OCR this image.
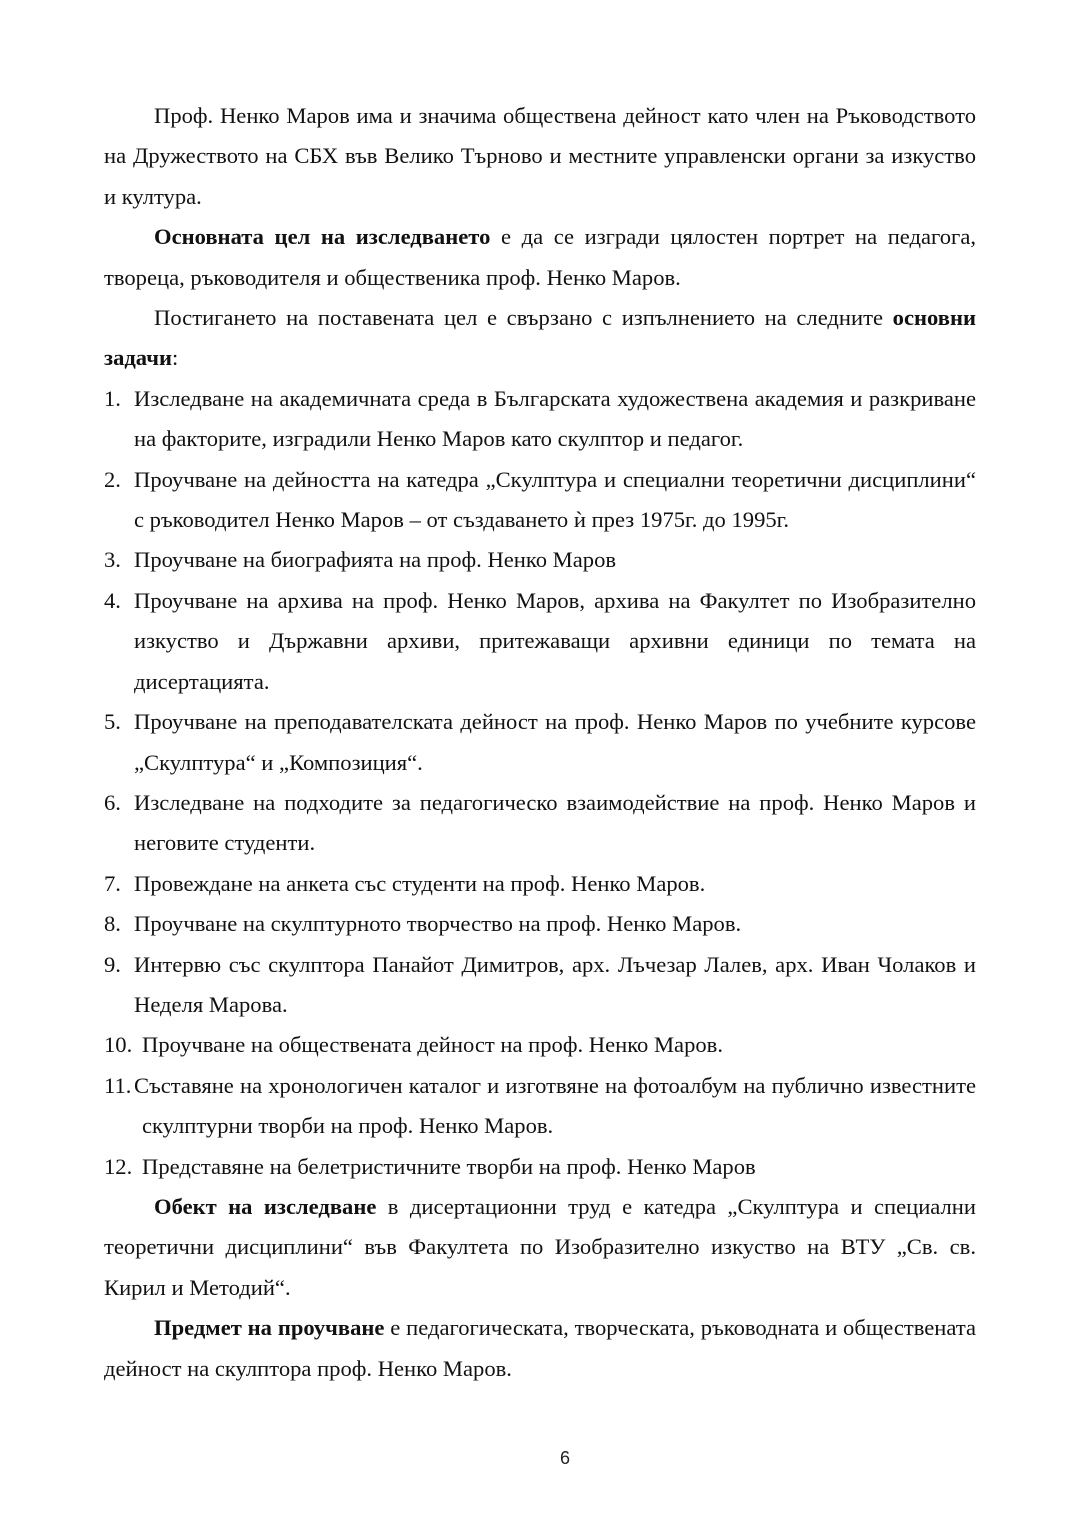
Проф. Ненко Маров има и значима обществена дейност като член на Ръководството на Дружеството на СБХ във Велико Търново и местните управленски органи за изкуство и култура.

Основната цел на изследването е да се изгради цялостен портрет на педагога, твореца, ръководителя и общественика проф. Ненко Маров.

Постигането на поставената цел е свързано с изпълнението на следните основни задачи:

1. Изследване на академичната среда в Българската художествена академия и разкриване на факторите, изградили Ненко Маров като скулптор и педагог.
2. Проучване на дейността на катедра „Скулптура и специални теоретични дисциплини“ с ръководител Ненко Маров – от създаването ѝ през 1975г. до 1995г.
3. Проучване на биографията на проф. Ненко Маров
4. Проучване на архива на проф. Ненко Маров, архива на Факултет по Изобразително изкуство и Държавни архиви, притежаващи архивни единици по темата на дисертацията.
5. Проучване на преподавателската дейност на проф. Ненко Маров по учебните курсове „Скулптура“ и „Композиция“.
6. Изследване на подходите за педагогическо взаимодействие на проф. Ненко Маров и неговите студенти.
7. Провеждане на анкета със студенти на проф. Ненко Маров.
8. Проучване на скулптурното творчество на проф. Ненко Маров.
9. Интервю със скулптора Панайот Димитров, арх. Лъчезар Лалев, арх. Иван Чолаков и Неделя Марова.
10. Проучване на обществената дейност на проф. Ненко Маров.
11. Съставяне на хронологичен каталог и изготвяне на фотоалбум на публично известните скулптурни творби на проф. Ненко Маров.
12. Представяне на белетристичните творби на проф. Ненко Маров

Обект на изследване в дисертационни труд е катедра „Скулптура и специални теоретични дисциплини“ във Факултета по Изобразително изкуство на ВТУ „Св. св. Кирил и Методий“.

Предмет на проучване е педагогическата, творческата, ръководната и обществената дейност на скулптора проф. Ненко Маров.

6
